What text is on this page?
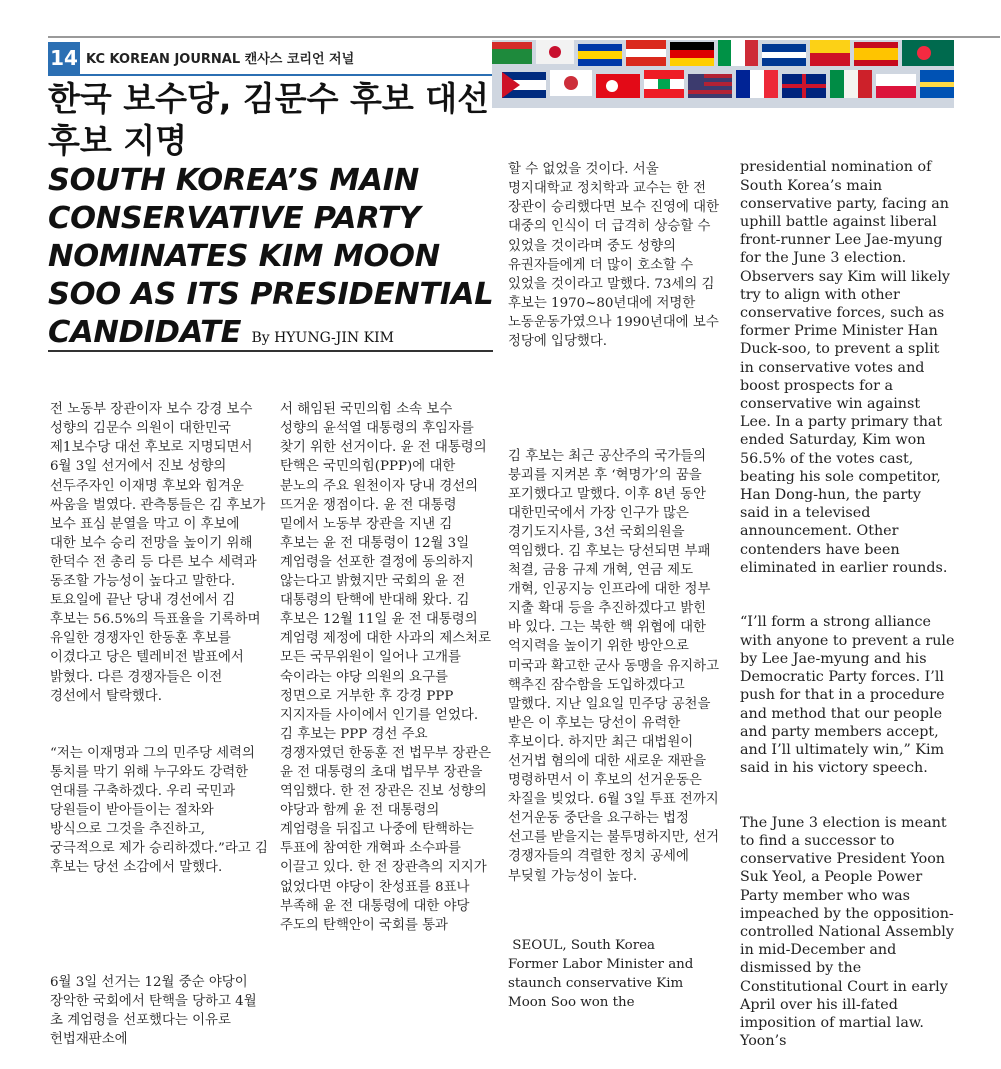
14 KC KOREAN JOURNAL 캔사스 코리언 저널
한국 보수당, 김문수 후보 대선후보 지명
SOUTH KOREA’S MAIN CONSERVATIVE PARTY NOMINATES KIM MOON SOO AS ITS PRESIDENTIAL CANDIDATE By HYUNG-JIN KIM

전 노동부 장관이자 보수 강경 보수 성향의 김문수 의원이 대한민국 제1보수당 대선 후보로 지명되면서 6월 3일 선거에서 진보 성향의 선두주자인 이재명 후보와 힘겨운 싸움을 벌였다. 관측통들은 김 후보가 보수 표심 분열을 막고 이 후보에 대한 보수 승리 전망을 높이기 위해 한덕수 전 총리 등 다른 보수 세력과 동조할 가능성이 높다고 말한다. 토요일에 끝난 당내 경선에서 김 후보는 56.5%의 득표율을 기록하며 유일한 경쟁자인 한동훈 후보를 이겼다고 당은 텔레비전 발표에서 밝혔다. 다른 경쟁자들은 이전 경선에서 탈락했다.

“저는 이재명과 그의 민주당 세력의 통치를 막기 위해 누구와도 강력한 연대를 구축하겠다. 우리 국민과 당원들이 받아들이는 절차와 방식으로 그것을 추진하고, 궁극적으로 제가 승리하겠다.”라고 김 후보는 당선 소감에서 말했다.

6월 3일 선거는 12월 중순 야당이 장악한 국회에서 탄핵을 당하고 4월 초 계엄령을 선포했다는 이유로 헌법재판소에

서 해임된 국민의힘 소속 보수 성향의 윤석열 대통령의 후임자를 찾기 위한 선거이다. 윤 전 대통령의 탄핵은 국민의힘(PPP)에 대한 분노의 주요 원천이자 당내 경선의 뜨거운 쟁점이다. 윤 전 대통령 밑에서 노동부 장관을 지낸 김 후보는 윤 전 대통령이 12월 3일 계엄령을 선포한 결정에 동의하지 않는다고 밝혔지만 국회의 윤 전 대통령의 탄핵에 반대해 왔다. 김 후보은 12월 11일 윤 전 대통령의 계엄령 제정에 대한 사과의 제스처로 모든 국무위원이 일어나 고개를 숙이라는 야당 의원의 요구를 정면으로 거부한 후 강경 PPP 지지자들 사이에서 인기를 얻었다. 김 후보는 PPP 경선 주요 경쟁자였던 한동훈 전 법무부 장관은 윤 전 대통령의 초대 법무부 장관을 역임했다. 한 전 장관은 진보 성향의 야당과 함께 윤 전 대통령의 계엄령을 뒤집고 나중에 탄핵하는 투표에 참여한 개혁파 소수파를 이끌고 있다. 한 전 장관측의 지지가 없었다면 야당이 찬성표를 8표나 부족해 윤 전 대통령에 대한 야당 주도의 탄핵안이 국회를 통과

할 수 없었을 것이다. 서울 명지대학교 정치학과 교수는 한 전 장관이 승리했다면 보수 진영에 대한 대중의 인식이 더 급격히 상승할 수 있었을 것이라며 중도 성향의 유권자들에게 더 많이 호소할 수 있었을 것이라고 말했다. 73세의 김 후보는 1970~80년대에 저명한 노동운동가였으나 1990년대에 보수 정당에 입당했다.

김 후보는 최근 공산주의 국가들의 붕괴를 지켜본 후 ‘혁명가’의 꿈을 포기했다고 말했다. 이후 8년 동안 대한민국에서 가장 인구가 많은 경기도지사를, 3선 국회의원을 역임했다. 김 후보는 당선되면 부패 척결, 금융 규제 개혁, 연금 제도 개혁, 인공지능 인프라에 대한 정부 지출 확대 등을 추진하겠다고 밝힌 바 있다. 그는 북한 핵 위협에 대한 억지력을 높이기 위한 방안으로 미국과 확고한 군사 동맹을 유지하고 핵추진 잠수함을 도입하겠다고 말했다. 지난 일요일 민주당 공천을 받은 이 후보는 당선이 유력한 후보이다. 하지만 최근 대법원이 선거법 혐의에 대한 새로운 재판을 명령하면서 이 후보의 선거운동은 차질을 빚었다. 6월 3일 투표 전까지 선거운동 중단을 요구하는 법정 선고를 받을지는 불투명하지만, 선거 경쟁자들의 격렬한 정치 공세에 부딪힐 가능성이 높다.

SEOUL, South Korea
Former Labor Minister and staunch conservative Kim Moon Soo won the

presidential nomination of South Korea’s main conservative party, facing an uphill battle against liberal front-runner Lee Jae-myung for the June 3 election. Observers say Kim will likely try to align with other conservative forces, such as former Prime Minister Han Duck-soo, to prevent a split in conservative votes and boost prospects for a conservative win against Lee. In a party primary that ended Saturday, Kim won 56.5% of the votes cast, beating his sole competitor, Han Dong-hun, the party said in a televised announcement. Other contenders have been eliminated in earlier rounds.

“I’ll form a strong alliance with anyone to prevent a rule by Lee Jae-myung and his Democratic Party forces. I’ll push for that in a procedure and method that our people and party members accept, and I’ll ultimately win,” Kim said in his victory speech.

The June 3 election is meant to find a successor to conservative President Yoon Suk Yeol, a People Power Party member who was impeached by the opposition-controlled National Assembly in mid-December and dismissed by the Constitutional Court in early April over his ill-fated imposition of martial law. Yoon’s
